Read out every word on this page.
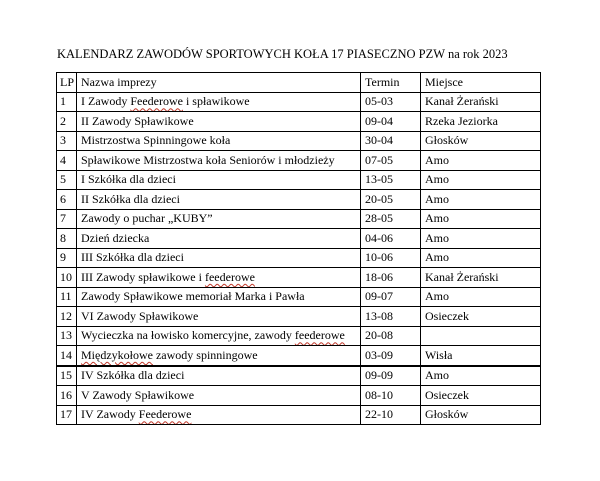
KALENDARZ ZAWODÓW SPORTOWYCH KOŁA 17 PIASECZNO PZW na rok 2023
LP	Nazwa imprezy	Termin	Miejsce
1	I Zawody Feederowe i spławikowe	05-03	Kanał Żerański
2	II Zawody Spławikowe	09-04	Rzeka Jeziorka
3	Mistrzostwa Spinningowe koła	30-04	Głosków
4	Spławikowe Mistrzostwa koła Seniorów i młodzieży	07-05	Amo
5	I Szkółka dla dzieci	13-05	Amo
6	II Szkółka dla dzieci	20-05	Amo
7	Zawody o puchar „KUBY”	28-05	Amo
8	Dzień dziecka	04-06	Amo
9	III Szkółka dla dzieci	10-06	Amo
10	III Zawody spławikowe i feederowe	18-06	Kanał Żerański
11	Zawody Spławikowe memoriał Marka i Pawła	09-07	Amo
12	VI Zawody Spławikowe	13-08	Osieczek
13	Wycieczka na łowisko komercyjne, zawody feederowe	20-08	
14	Międzykołowe zawody spinningowe	03-09	Wisła
15	IV Szkółka dla dzieci	09-09	Amo
16	V Zawody Spławikowe	08-10	Osieczek
17	IV Zawody Feederowe	22-10	Głosków
